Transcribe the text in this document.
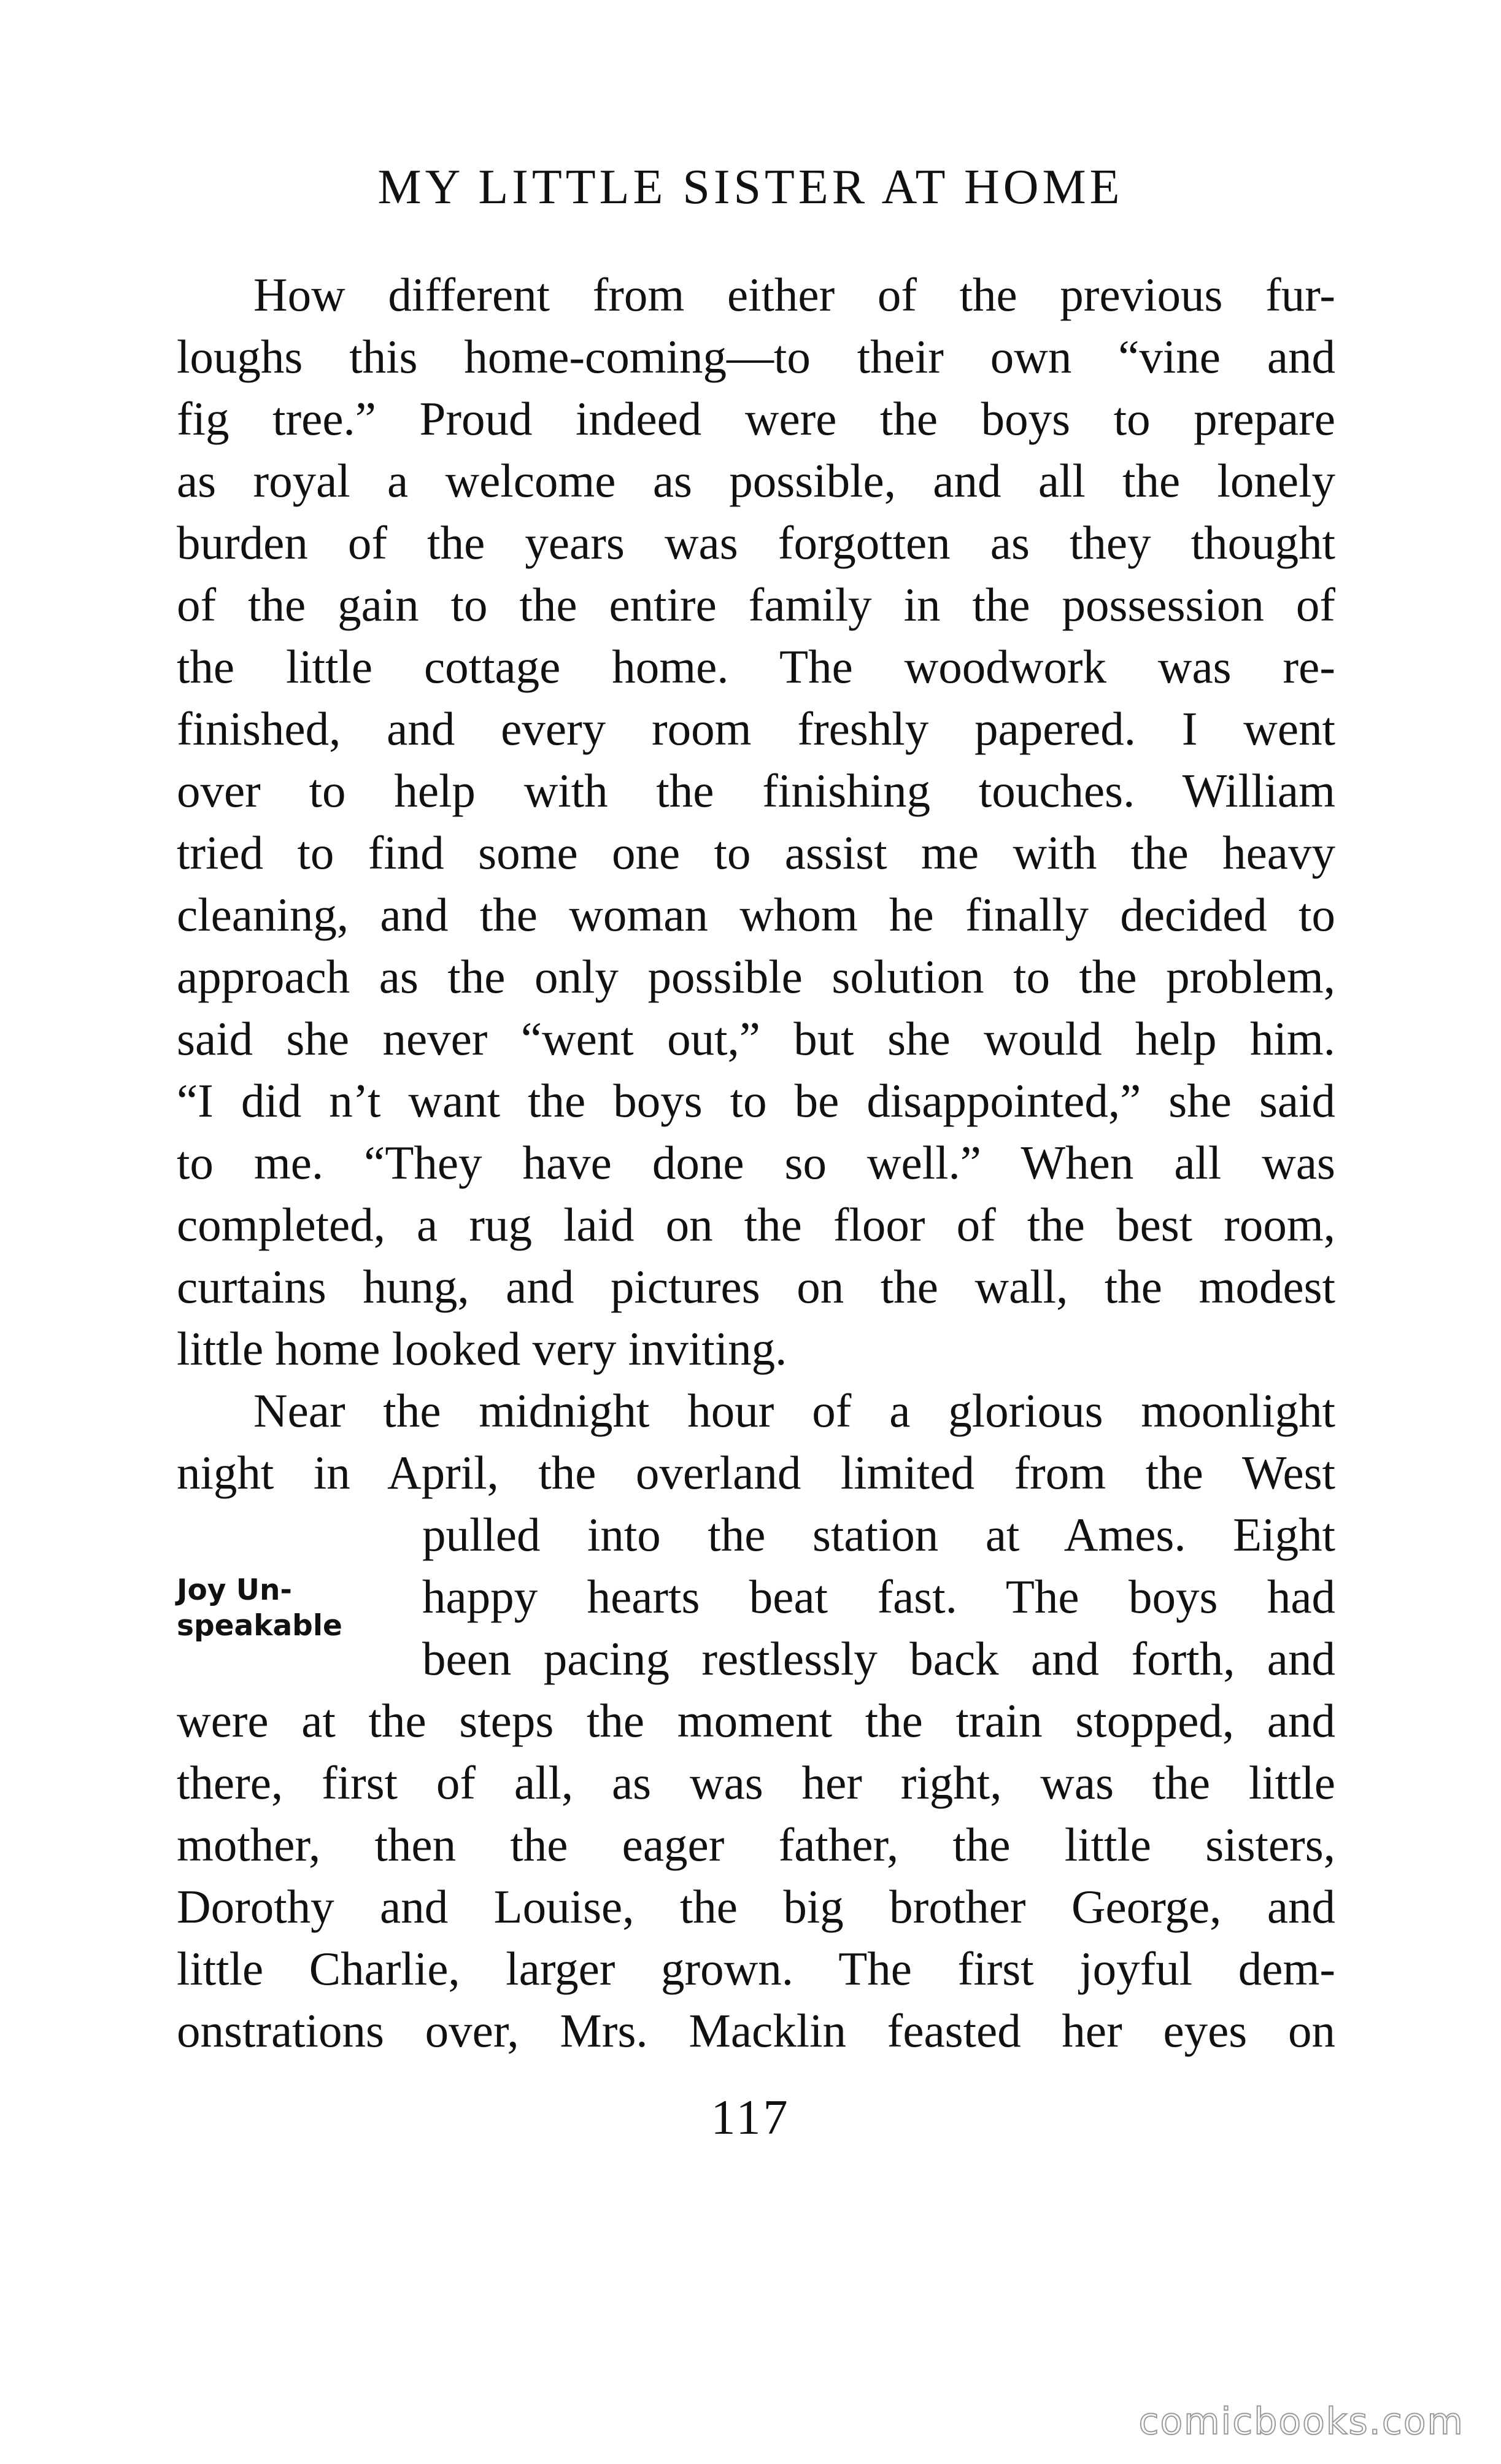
MY LITTLE SISTER AT HOME
How different from either of the previous fur-
loughs this home-coming—to their own “vine and
fig tree.” Proud indeed were the boys to prepare
as royal a welcome as possible, and all the lonely
burden of the years was forgotten as they thought
of the gain to the entire family in the possession of
the little cottage home. The woodwork was re-
finished, and every room freshly papered. I went
over to help with the finishing touches. William
tried to find some one to assist me with the heavy
cleaning, and the woman whom he finally decided to
approach as the only possible solution to the problem,
said she never “went out,” but she would help him.
“I did n’t want the boys to be disappointed,” she said
to me. “They have done so well.” When all was
completed, a rug laid on the floor of the best room,
curtains hung, and pictures on the wall, the modest
little home looked very inviting.
Near the midnight hour of a glorious moonlight
night in April, the overland limited from the West
pulled into the station at Ames. Eight
happy hearts beat fast. The boys had
been pacing restlessly back and forth, and
were at the steps the moment the train stopped, and
there, first of all, as was her right, was the little
mother, then the eager father, the little sisters,
Dorothy and Louise, the big brother George, and
little Charlie, larger grown. The first joyful dem-
onstrations over, Mrs. Macklin feasted her eyes on
Joy Un-
speakable
117
comicbooks.com
